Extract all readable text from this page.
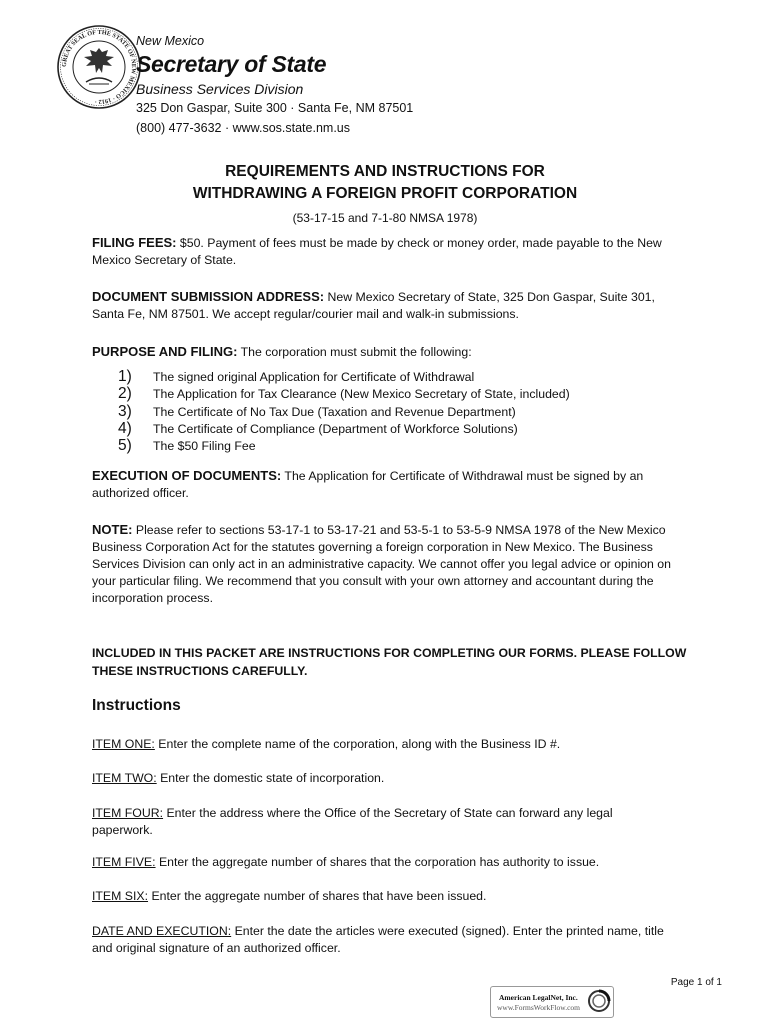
GREAT SEAL OF THE STATE OF NEW MEXICO · 1912 ·
New Mexico
Secretary of State
Business Services Division
325 Don Gaspar, Suite 300 · Santa Fe, NM 87501
(800) 477-3632 · www.sos.state.nm.us
REQUIREMENTS AND INSTRUCTIONS FOR
WITHDRAWING A FOREIGN PROFIT CORPORATION
(53-17-15 and 7-1-80 NMSA 1978)
FILING FEES: $50. Payment of fees must be made by check or money order, made payable to the New Mexico Secretary of State.
DOCUMENT SUBMISSION ADDRESS: New Mexico Secretary of State, 325 Don Gaspar, Suite 301, Santa Fe, NM 87501. We accept regular/courier mail and walk-in submissions.
PURPOSE AND FILING: The corporation must submit the following:
1)	The signed original Application for Certificate of Withdrawal
2)	The Application for Tax Clearance (New Mexico Secretary of State, included)
3)	The Certificate of No Tax Due (Taxation and Revenue Department)
4)	The Certificate of Compliance (Department of Workforce Solutions)
5)	The $50 Filing Fee
EXECUTION OF DOCUMENTS: The Application for Certificate of Withdrawal must be signed by an authorized officer.
NOTE: Please refer to sections 53-17-1 to 53-17-21 and 53-5-1 to 53-5-9 NMSA 1978 of the New Mexico Business Corporation Act for the statutes governing a foreign corporation in New Mexico. The Business Services Division can only act in an administrative capacity. We cannot offer you legal advice or opinion on your particular filing. We recommend that you consult with your own attorney and accountant during the incorporation process.
INCLUDED IN THIS PACKET ARE INSTRUCTIONS FOR COMPLETING OUR FORMS. PLEASE FOLLOW THESE INSTRUCTIONS CAREFULLY.
Instructions
ITEM ONE: Enter the complete name of the corporation, along with the Business ID #.
ITEM TWO: Enter the domestic state of incorporation.
ITEM FOUR: Enter the address where the Office of the Secretary of State can forward any legal paperwork.
ITEM FIVE: Enter the aggregate number of shares that the corporation has authority to issue.
ITEM SIX: Enter the aggregate number of shares that have been issued.
DATE AND EXECUTION: Enter the date the articles were executed (signed). Enter the printed name, title and original signature of an authorized officer.
Page 1 of 1
American LegalNet, Inc.
www.FormsWorkFlow.com
